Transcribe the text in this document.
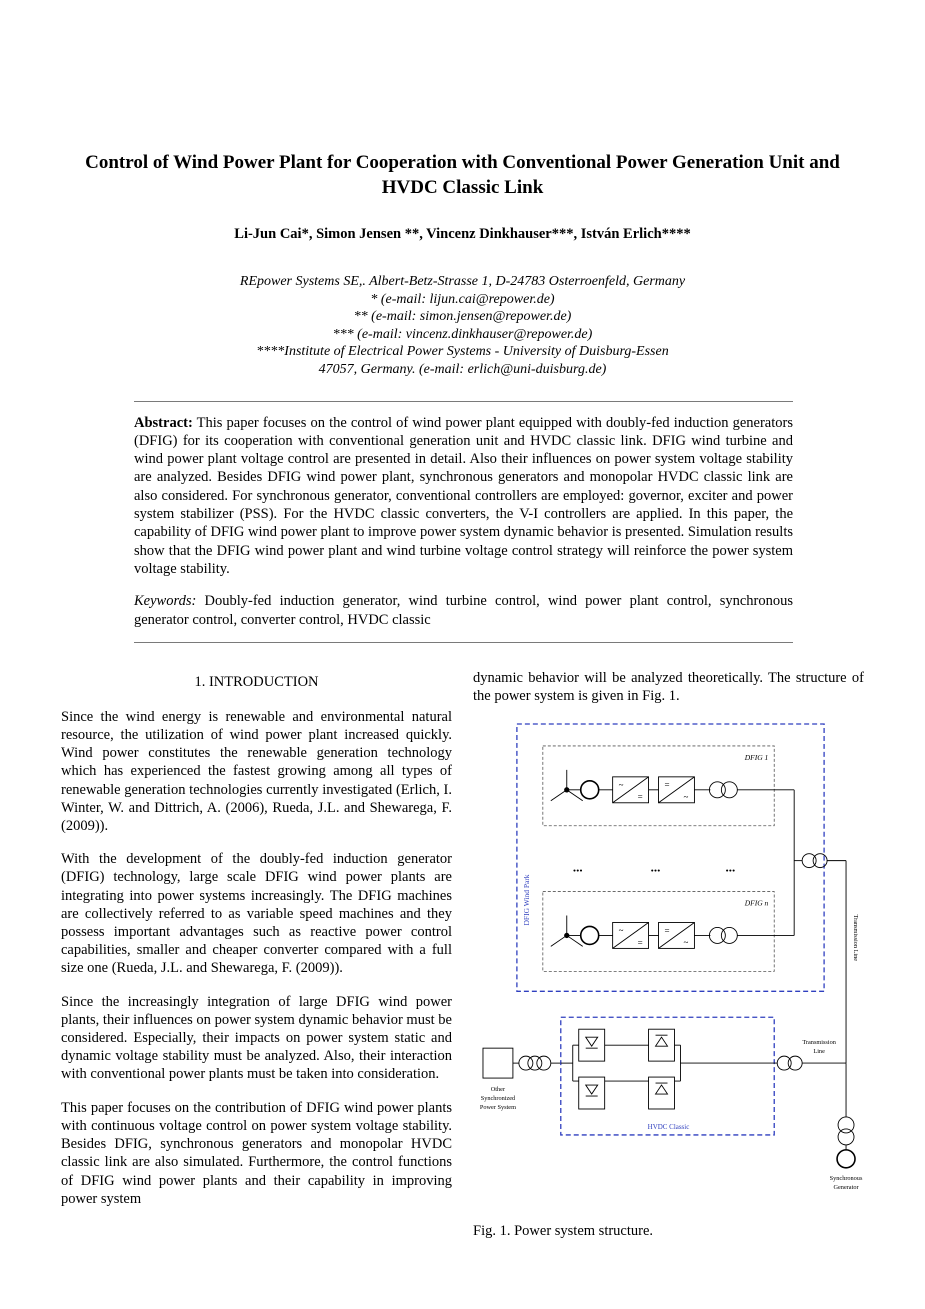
Control of Wind Power Plant for Cooperation with Conventional Power Generation Unit and HVDC Classic Link
Li-Jun Cai*, Simon Jensen **, Vincenz Dinkhauser***, István Erlich****
REpower Systems SE,. Albert-Betz-Strasse 1, D-24783 Osterroenfeld, Germany
* (e-mail: lijun.cai@repower.de)
** (e-mail: simon.jensen@repower.de)
*** (e-mail: vincenz.dinkhauser@repower.de)
****Institute of Electrical Power Systems - University of Duisburg-Essen
47057, Germany. (e-mail: erlich@uni-duisburg.de)

Abstract: This paper focuses on the control of wind power plant equipped with doubly-fed induction generators (DFIG) for its cooperation with conventional generation unit and HVDC classic link. DFIG wind turbine and wind power plant voltage control are presented in detail. Also their influences on power system voltage stability are analyzed. Besides DFIG wind power plant, synchronous generators and monopolar HVDC classic link are also considered. For synchronous generator, conventional controllers are employed: governor, exciter and power system stabilizer (PSS). For the HVDC classic converters, the V-I controllers are applied. In this paper, the capability of DFIG wind power plant to improve power system dynamic behavior is presented. Simulation results show that the DFIG wind power plant and wind turbine voltage control strategy will reinforce the power system voltage stability.

Keywords: Doubly-fed induction generator, wind turbine control, wind power plant control, synchronous generator control, converter control, HVDC classic

1. INTRODUCTION

Since the wind energy is renewable and environmental natural resource, the utilization of wind power plant increased quickly. Wind power constitutes the renewable generation technology which has experienced the fastest growing among all types of renewable generation technologies currently investigated (Erlich, I. Winter, W. and Dittrich, A. (2006), Rueda, J.L. and Shewarega, F. (2009)).

With the development of the doubly-fed induction generator (DFIG) technology, large scale DFIG wind power plants are integrating into power systems increasingly. The DFIG machines are collectively referred to as variable speed machines and they possess important advantages such as reactive power control capabilities, smaller and cheaper converter compared with a full size one (Rueda, J.L. and Shewarega, F. (2009)).

Since the increasingly integration of large DFIG wind power plants, their influences on power system dynamic behavior must be considered. Especially, their impacts on power system static and dynamic voltage stability must be analyzed. Also, their interaction with conventional power plants must be taken into consideration.

This paper focuses on the contribution of DFIG wind power plants with continuous voltage control on power system voltage stability. Besides DFIG, synchronous generators and monopolar HVDC classic link are also simulated. Furthermore, the control functions of DFIG wind power plants and their capability in improving power system

dynamic behavior will be analyzed theoretically. The structure of the power system is given in Fig. 1.

DFIG Wind Park
DFIG 1
~
=
=
~
...	...	...
DFIG n
~
=
=
~	Transmission Line
Other
Synchronized
Power System
HVDC Classic
Transmission
Line
Synchronous
Generator
Fig. 1. Power system structure.
